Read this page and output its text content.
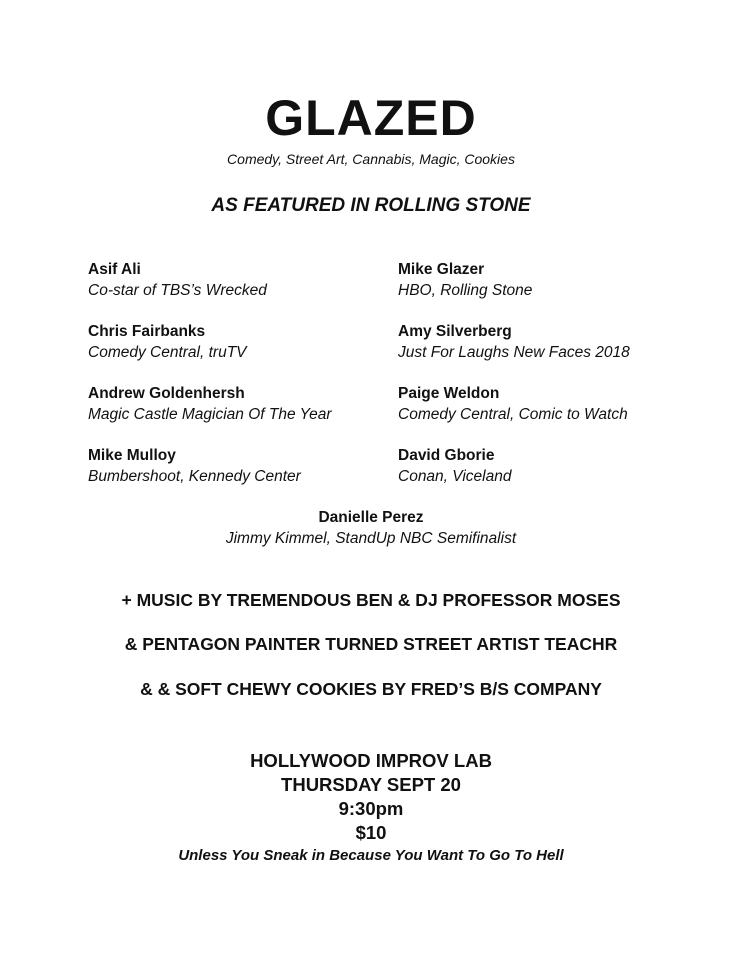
GLAZED
Comedy, Street Art, Cannabis, Magic, Cookies
AS FEATURED IN ROLLING STONE
Asif Ali
Co-star of TBS’s Wrecked
Chris Fairbanks
Comedy Central, truTV
Andrew Goldenhersh
Magic Castle Magician Of The Year
Mike Mulloy
Bumbershoot, Kennedy Center
Mike Glazer
HBO, Rolling Stone
Amy Silverberg
Just For Laughs New Faces 2018
Paige Weldon
Comedy Central, Comic to Watch
David Gborie
Conan, Viceland
Danielle Perez
Jimmy Kimmel, StandUp NBC Semifinalist
+ MUSIC BY TREMENDOUS BEN & DJ PROFESSOR MOSES
& PENTAGON PAINTER TURNED STREET ARTIST TEACHR
& & SOFT CHEWY COOKIES BY FRED’S B/S COMPANY
HOLLYWOOD IMPROV LAB
THURSDAY SEPT 20
9:30pm
$10
Unless You Sneak in Because You Want To Go To Hell
